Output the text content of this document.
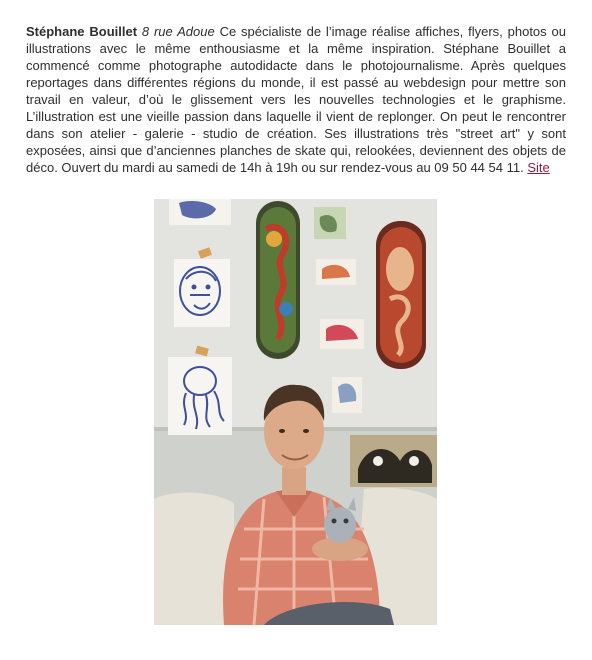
Stéphane Bouillet 8 rue Adoue Ce spécialiste de l’image réalise affiches, flyers, photos ou illustrations avec le même enthousiasme et la même inspiration. Stéphane Bouillet a commencé comme photographe autodidacte dans le photojournalisme. Après quelques reportages dans différentes régions du monde, il est passé au webdesign pour mettre son travail en valeur, d’où le glissement vers les nouvelles technologies et le graphisme. L’illustration est une vieille passion dans laquelle il vient de replonger. On peut le rencontrer dans son atelier - galerie - studio de création. Ses illustrations très "street art" y sont exposées, ainsi que d’anciennes planches de skate qui, relookées, deviennent des objets de déco. Ouvert du mardi au samedi de 14h à 19h ou sur rendez-vous au 09 50 44 54 11. Site
